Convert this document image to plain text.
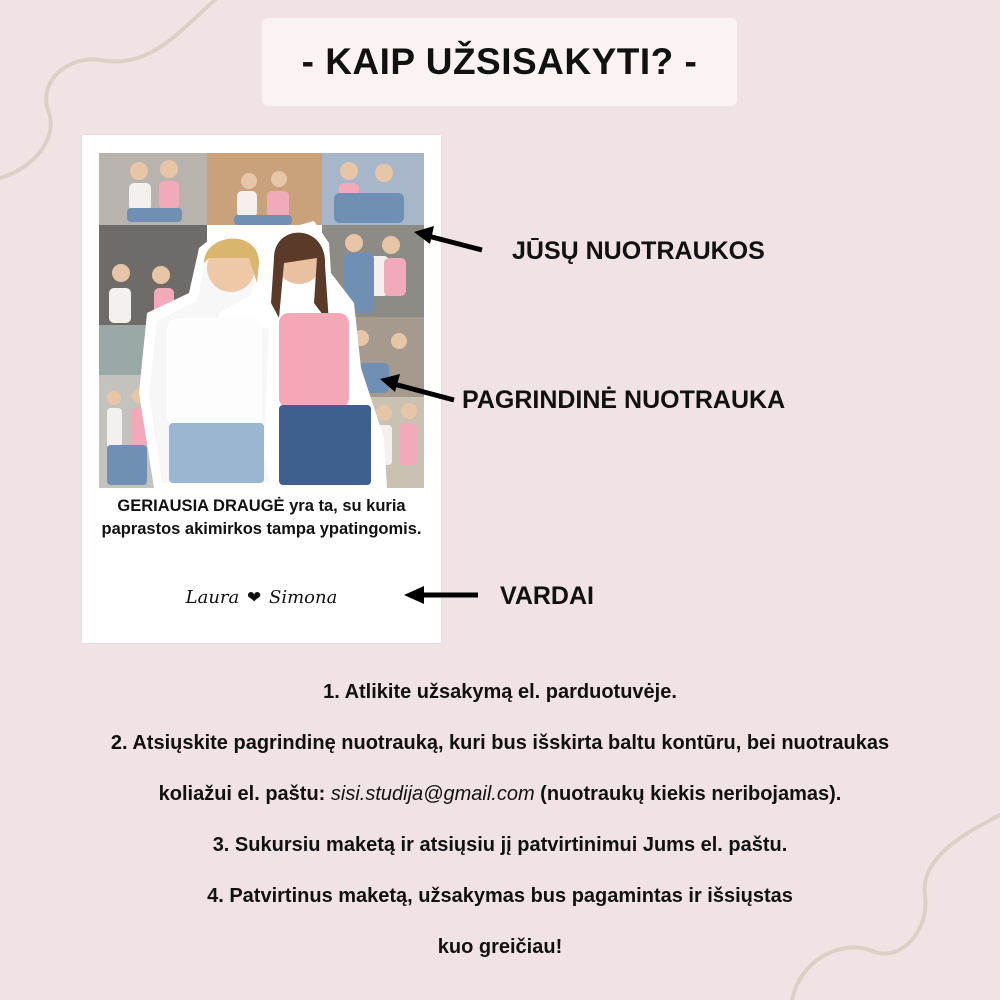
- KAIP UŽSISAKYTI? -
GERIAUSIA DRAUGĖ yra ta, su kuria
paprastos akimirkos tampa ypatingomis.
Laura ❤ Simona
JŪSŲ NUOTRAUKOS
PAGRINDINĖ NUOTRAUKA
VARDAI

1. Atlikite užsakymą el. parduotuvėje.

2. Atsiųskite pagrindinę nuotrauką, kuri bus išskirta baltu kontūru, bei nuotraukas

koliažui el. paštu: sisi.studija@gmail.com (nuotraukų kiekis neribojamas).

3. Sukursiu maketą ir atsiųsiu jį patvirtinimui Jums el. paštu.

4. Patvirtinus maketą, užsakymas bus pagamintas ir išsiųstas

kuo greičiau!
